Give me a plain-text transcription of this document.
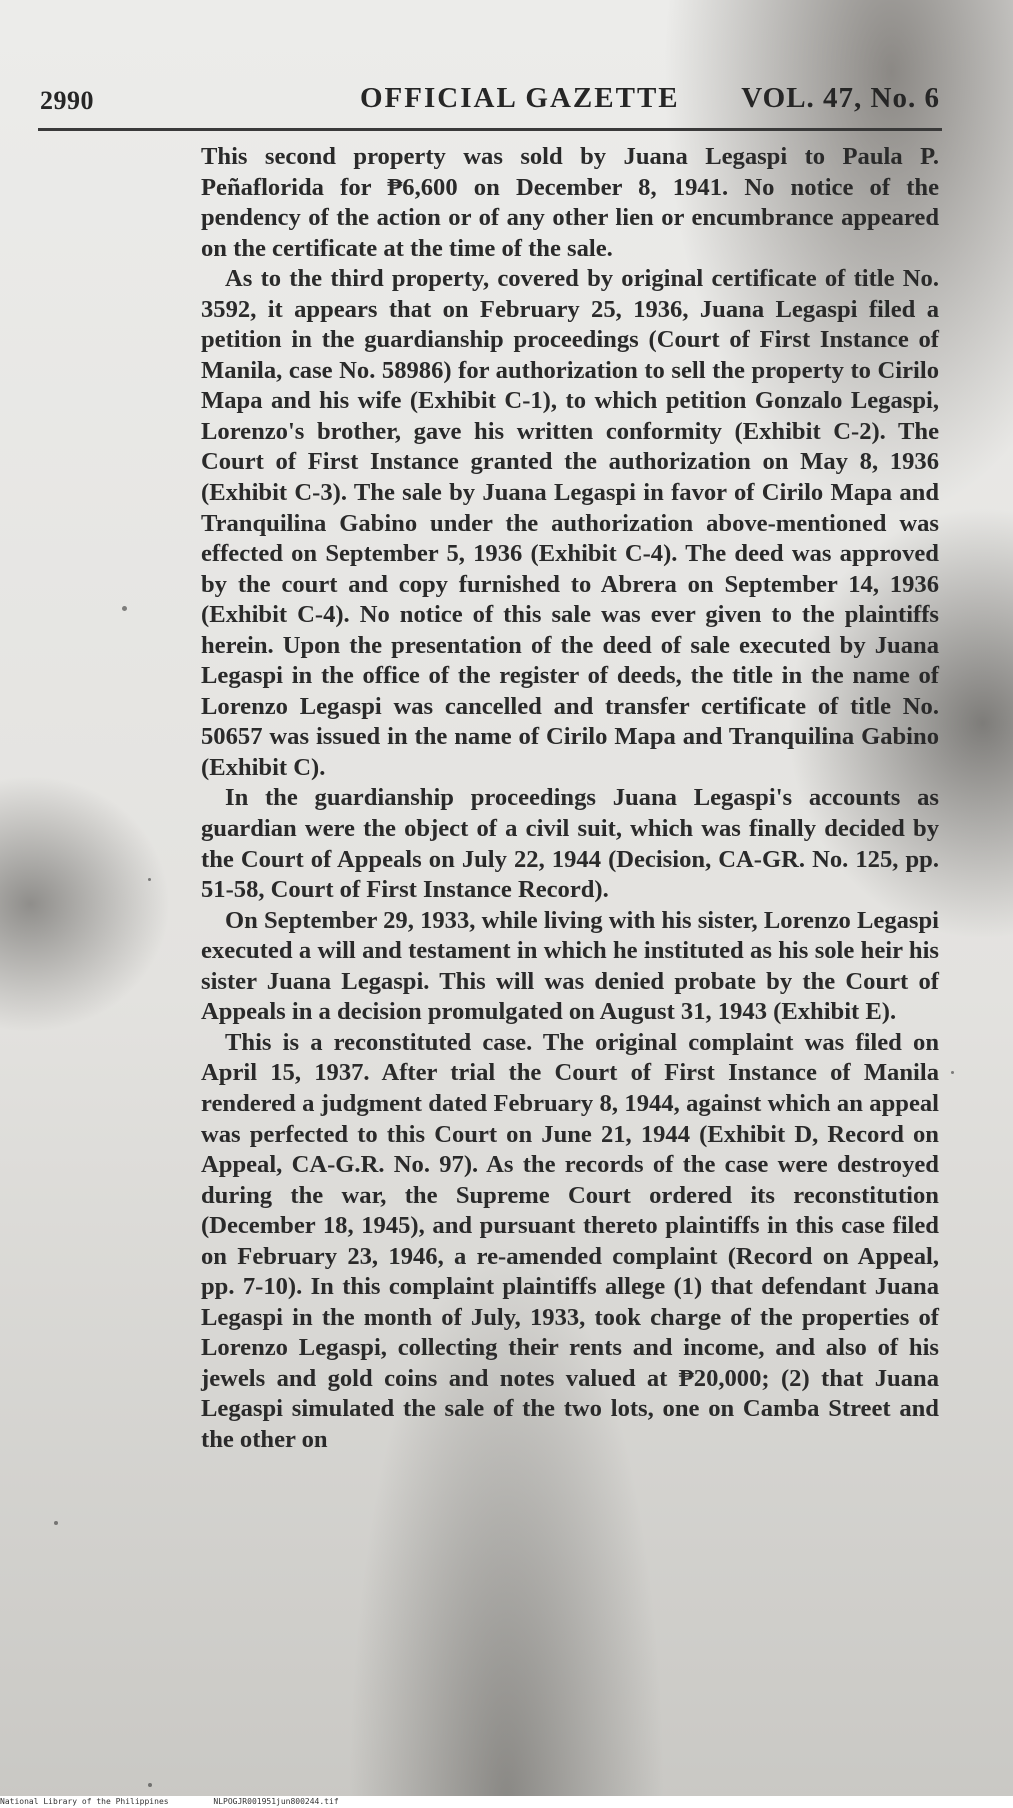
2990	OFFICIAL GAZETTE VOL. 47, No. 6

This second property was sold by Juana Legaspi to Paula P. Peñaflorida for ₱6,600 on December 8, 1941. No notice of the pendency of the action or of any other lien or encumbrance appeared on the certificate at the time of the sale.

As to the third property, covered by original certificate of title No. 3592, it appears that on February 25, 1936, Juana Legaspi filed a petition in the guardianship proceedings (Court of First Instance of Manila, case No. 58986) for authorization to sell the property to Cirilo Mapa and his wife (Exhibit C-1), to which petition Gonzalo Legaspi, Lorenzo's brother, gave his written conformity (Exhibit C-2). The Court of First Instance granted the authorization on May 8, 1936 (Exhibit C-3). The sale by Juana Legaspi in favor of Cirilo Mapa and Tranquilina Gabino under the authorization above-mentioned was effected on September 5, 1936 (Exhibit C-4). The deed was approved by the court and copy furnished to Abrera on September 14, 1936 (Exhibit C-4). No notice of this sale was ever given to the plaintiffs herein. Upon the presentation of the deed of sale executed by Juana Legaspi in the office of the register of deeds, the title in the name of Lorenzo Legaspi was cancelled and transfer certificate of title No. 50657 was issued in the name of Cirilo Mapa and Tranquilina Gabino (Exhibit C).

In the guardianship proceedings Juana Legaspi's accounts as guardian were the object of a civil suit, which was finally decided by the Court of Appeals on July 22, 1944 (Decision, CA-GR. No. 125, pp. 51-58, Court of First Instance Record).

On September 29, 1933, while living with his sister, Lorenzo Legaspi executed a will and testament in which he instituted as his sole heir his sister Juana Legaspi. This will was denied probate by the Court of Appeals in a decision promulgated on August 31, 1943 (Exhibit E).

This is a reconstituted case. The original complaint was filed on April 15, 1937. After trial the Court of First Instance of Manila rendered a judgment dated February 8, 1944, against which an appeal was perfected to this Court on June 21, 1944 (Exhibit D, Record on Appeal, CA-G.R. No. 97). As the records of the case were destroyed during the war, the Supreme Court ordered its reconstitution (December 18, 1945), and pursuant thereto plaintiffs in this case filed on February 23, 1946, a re-amended complaint (Record on Appeal, pp. 7-10). In this complaint plaintiffs allege (1) that defendant Juana Legaspi in the month of July, 1933, took charge of the properties of Lorenzo Legaspi, collecting their rents and income, and also of his jewels and gold coins and notes valued at ₱20,000; (2) that Juana Legaspi simulated the sale of the two lots, one on Camba Street and the other on

National Library of the Philippines	NLPOGJR001951jun800244.tif
